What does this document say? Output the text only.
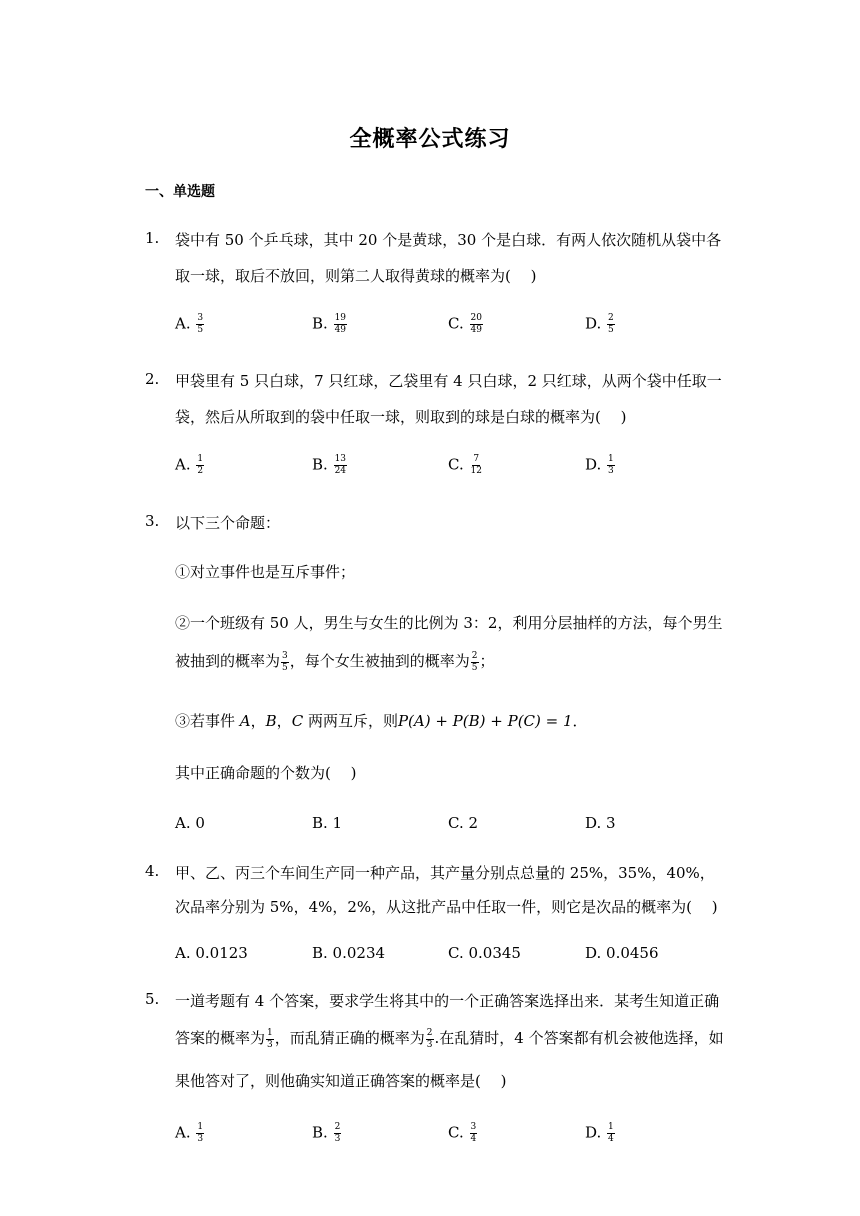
全概率公式练习
一、单选题
1. 袋中有 50 个乒乓球，其中 20 个是黄球，30 个是白球．有两人依次随机从袋中各
取一球，取后不放回，则第二人取得黄球的概率为(　 )
A. $\frac{3}{5}$	B. $\frac{19}{49}$	C. $\frac{20}{49}$	D. $\frac{2}{5}$
2. 甲袋里有 5 只白球，7 只红球，乙袋里有 4 只白球，2 只红球，从两个袋中任取一
袋，然后从所取到的袋中任取一球，则取到的球是白球的概率为(　 )
A. $\frac{1}{2}$	B. $\frac{13}{24}$	C. $\frac{7}{12}$	D. $\frac{1}{3}$
3. 以下三个命题：
①对立事件也是互斥事件；
②一个班级有 50 人，男生与女生的比例为 3：2，利用分层抽样的方法，每个男生
被抽到的概率为 $\frac{3}{5}$ ，每个女生被抽到的概率为 $\frac{2}{5}$ ；
③若事件 A，B，C 两两互斥，则P(A) + P(B) + P(C) = 1．
其中正确命题的个数为(　 )
A. 0	B. 1	C. 2	D. 3
4. 甲、乙、丙三个车间生产同一种产品，其产量分别点总量的 25%，35%，40%，
次品率分别为 5%，4%，2%，从这批产品中任取一件，则它是次品的概率为(　 )
A. 0.0123	B. 0.0234	C. 0.0345	D. 0.0456
5. 一道考题有 4 个答案，要求学生将其中的一个正确答案选择出来．某考生知道正确
答案的概率为 $\frac{1}{3}$ ，而乱猜正确的概率为 $\frac{2}{3}$ .在乱猜时，4 个答案都有机会被他选择，如
果他答对了，则他确实知道正确答案的概率是(　 )
A. $\frac{1}{3}$	B. $\frac{2}{3}$	C. $\frac{3}{4}$	D. $\frac{1}{4}$
